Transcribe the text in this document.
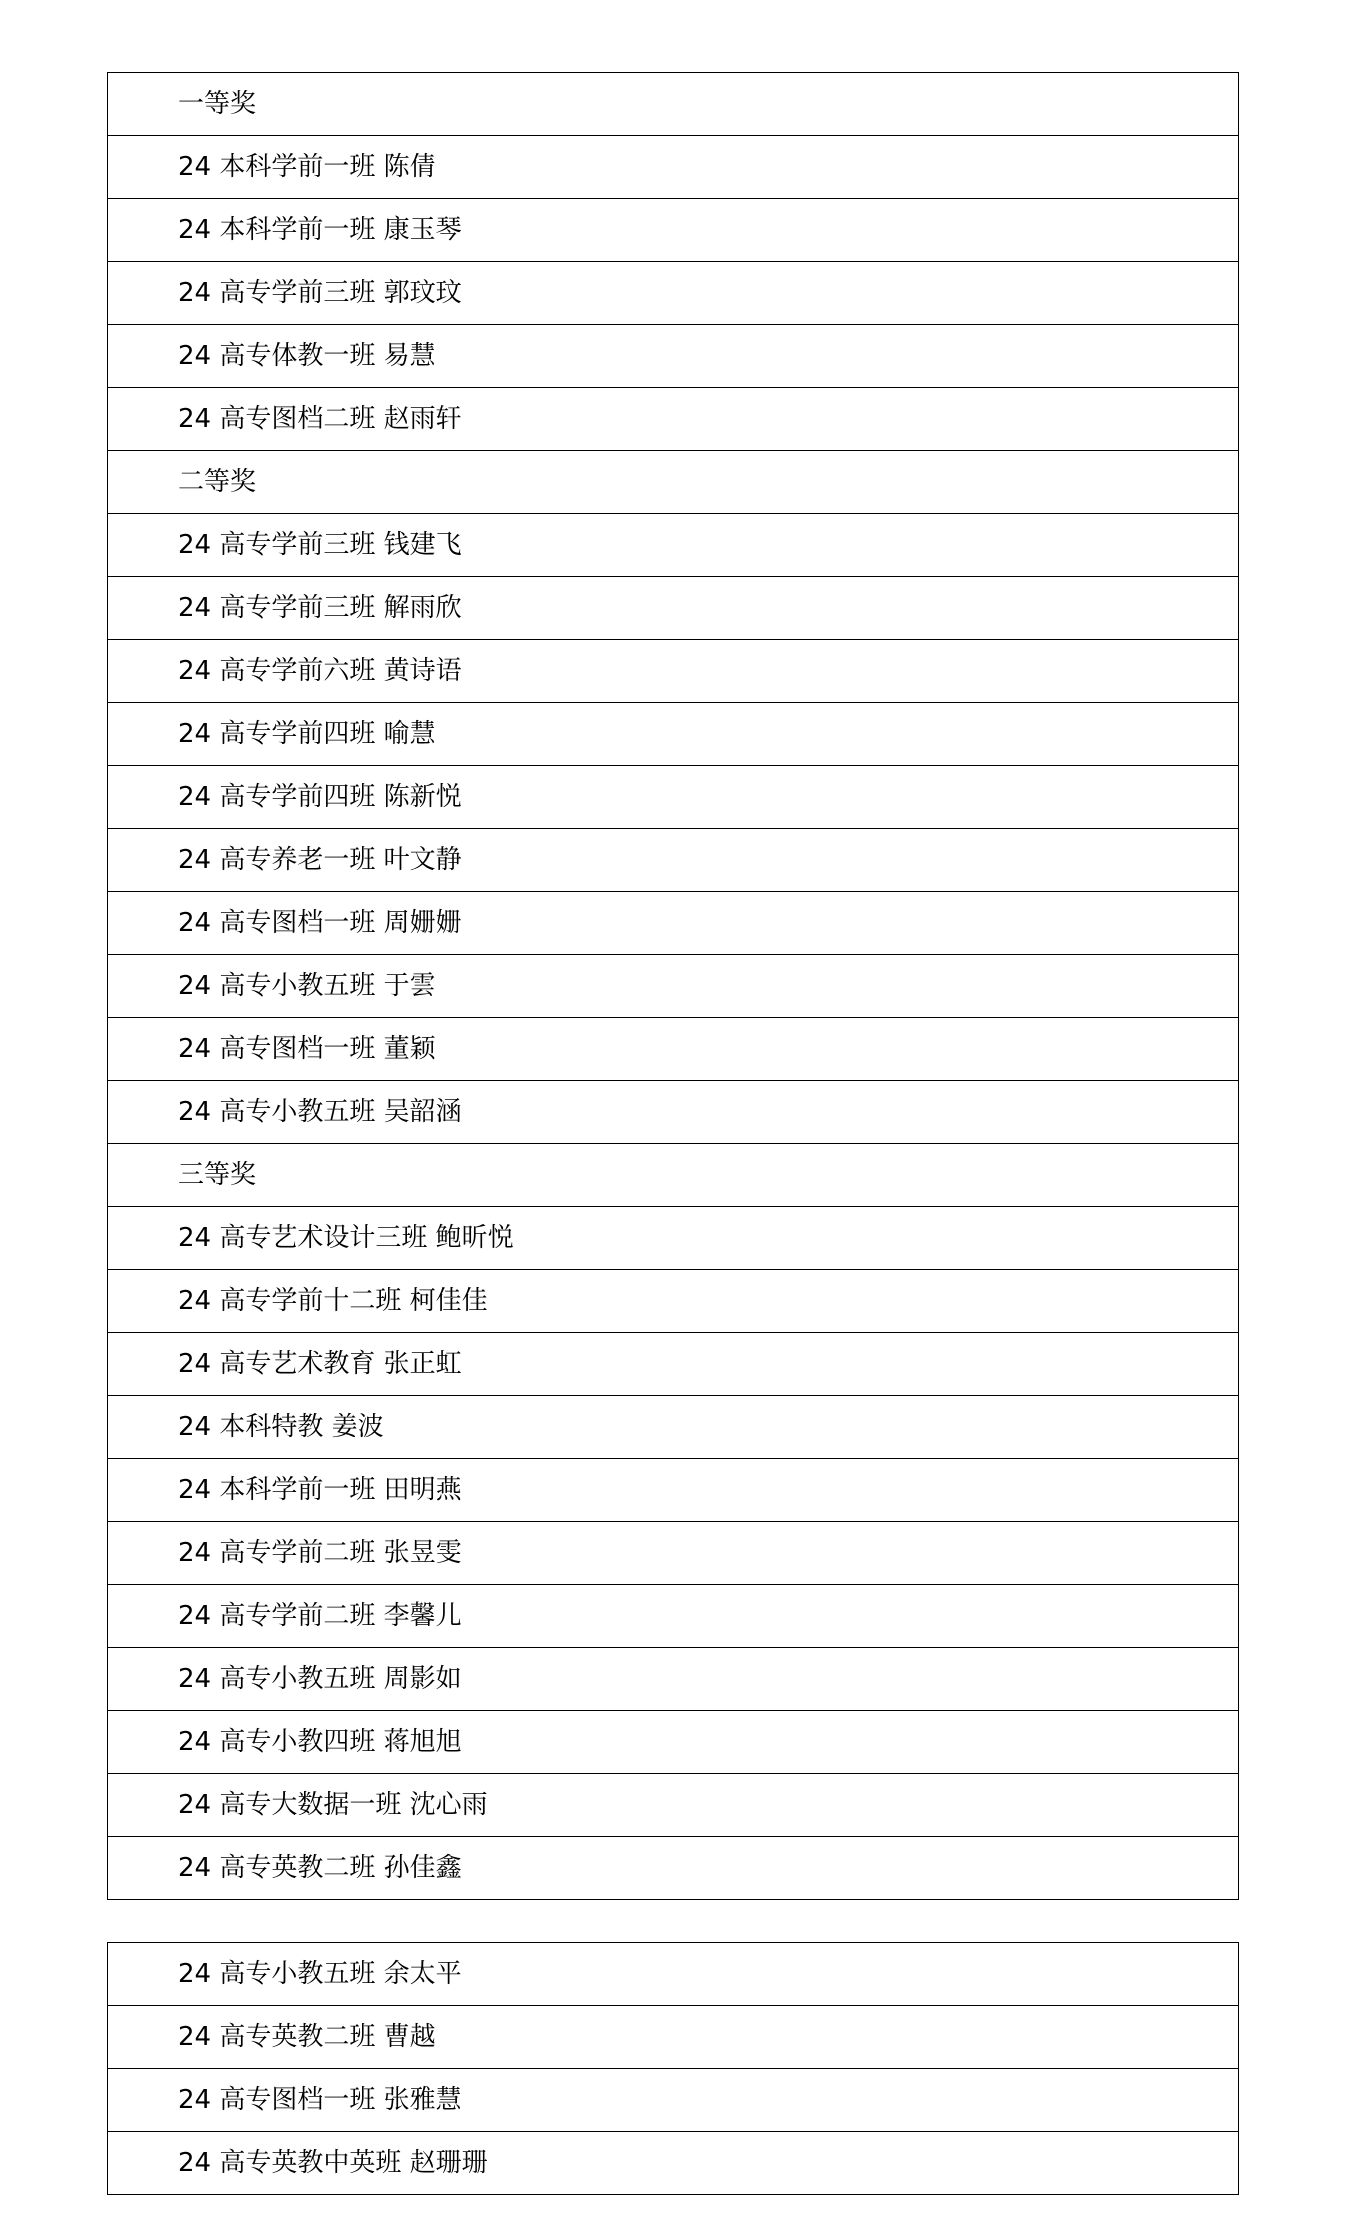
一等奖
24 本科学前一班 陈倩
24 本科学前一班 康玉琴
24 高专学前三班 郭玟玟
24 高专体教一班 易慧
24 高专图档二班 赵雨轩
二等奖
24 高专学前三班 钱建飞
24 高专学前三班 解雨欣
24 高专学前六班 黄诗语
24 高专学前四班 喻慧
24 高专学前四班 陈新悦
24 高专养老一班 叶文静
24 高专图档一班 周姗姗
24 高专小教五班 于雲
24 高专图档一班 董颖
24 高专小教五班 吴韶涵
三等奖
24 高专艺术设计三班 鲍昕悦
24 高专学前十二班 柯佳佳
24 高专艺术教育 张正虹
24 本科特教 姜波
24 本科学前一班 田明燕
24 高专学前二班 张昱雯
24 高专学前二班 李馨儿
24 高专小教五班 周影如
24 高专小教四班 蒋旭旭
24 高专大数据一班 沈心雨
24 高专英教二班 孙佳鑫
24 高专小教五班 余太平
24 高专英教二班 曹越
24 高专图档一班 张雅慧
24 高专英教中英班 赵珊珊
